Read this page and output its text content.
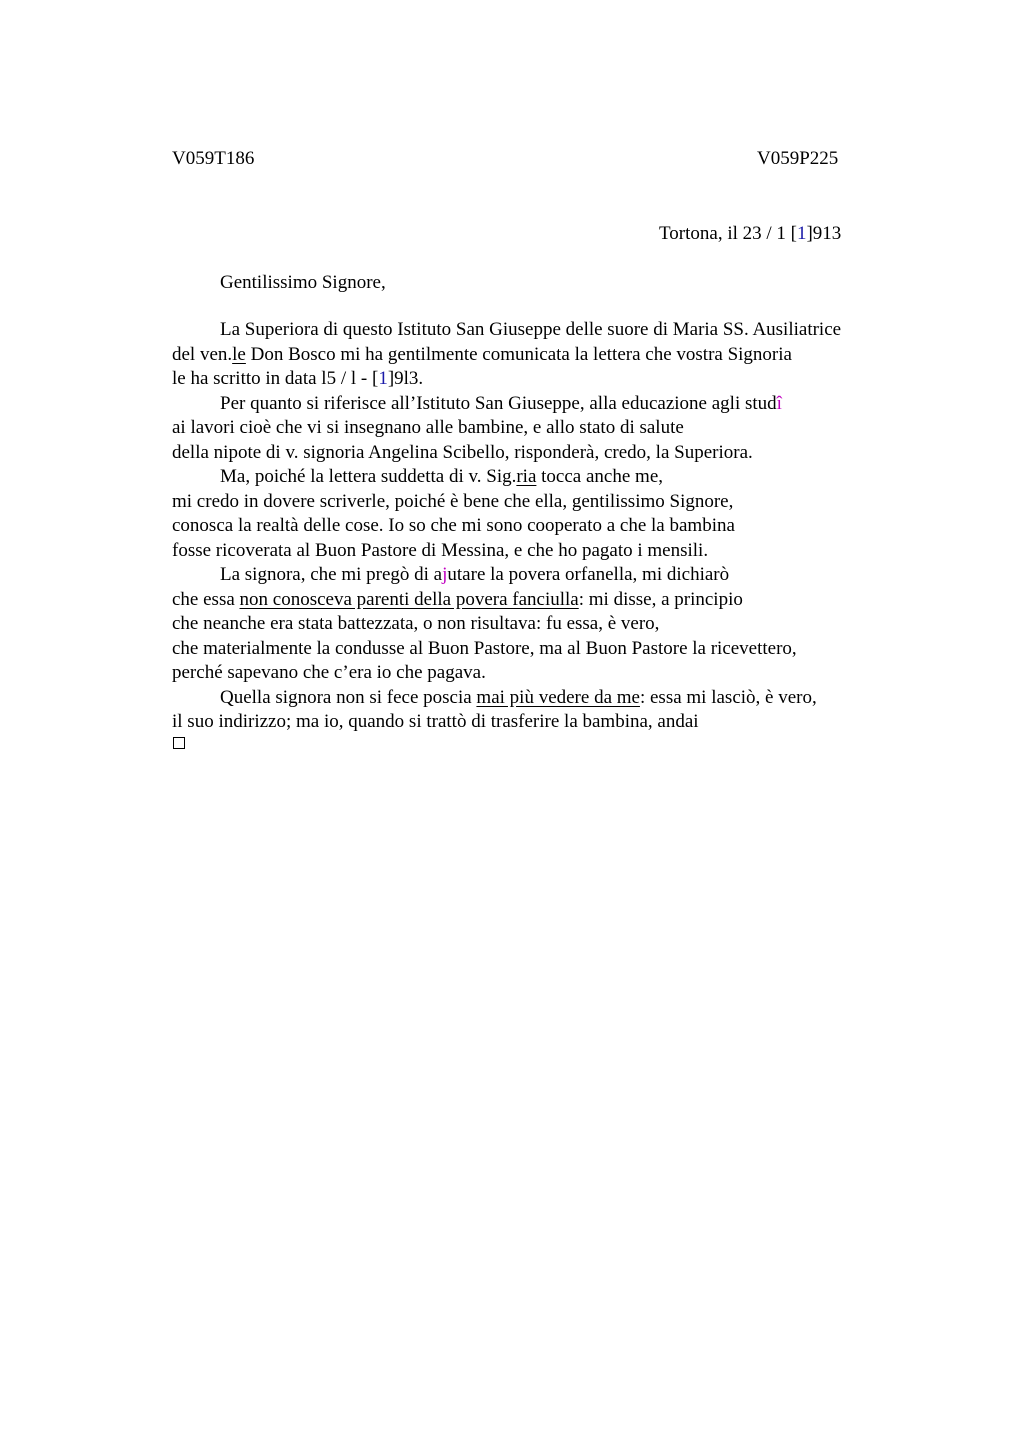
V059T186	V059P225
Tortona, il 23 / 1 [1]913
Gentilissimo Signore,
La Superiora di questo Istituto San Giuseppe delle suore di Maria SS. Ausiliatrice
del ven.le Don Bosco mi ha gentilmente comunicata la lettera che vostra Signoria
le ha scritto in data l5 / l - [1]9l3.
Per quanto si riferisce all’Istituto San Giuseppe, alla educazione agli studî
ai lavori cioè che vi si insegnano alle bambine, e allo stato di salute
della nipote di v. signoria Angelina Scibello, risponderà, credo, la Superiora.
Ma, poiché la lettera suddetta di v. Sig.ria tocca anche me,
mi credo in dovere scriverle, poiché è bene che ella, gentilissimo Signore,
conosca la realtà delle cose. Io so che mi sono cooperato a che la bambina
fosse ricoverata al Buon Pastore di Messina, e che ho pagato i mensili.
La signora, che mi pregò di ajutare la povera orfanella, mi dichiarò
che essa non conosceva parenti della povera fanciulla: mi disse, a principio
che neanche era stata battezzata, o non risultava: fu essa, è vero,
che materialmente la condusse al Buon Pastore, ma al Buon Pastore la ricevettero,
perché sapevano che c’era io che pagava.
Quella signora non si fece poscia mai più vedere da me: essa mi lasciò, è vero,
il suo indirizzo; ma io, quando si trattò di trasferire la bambina, andai
